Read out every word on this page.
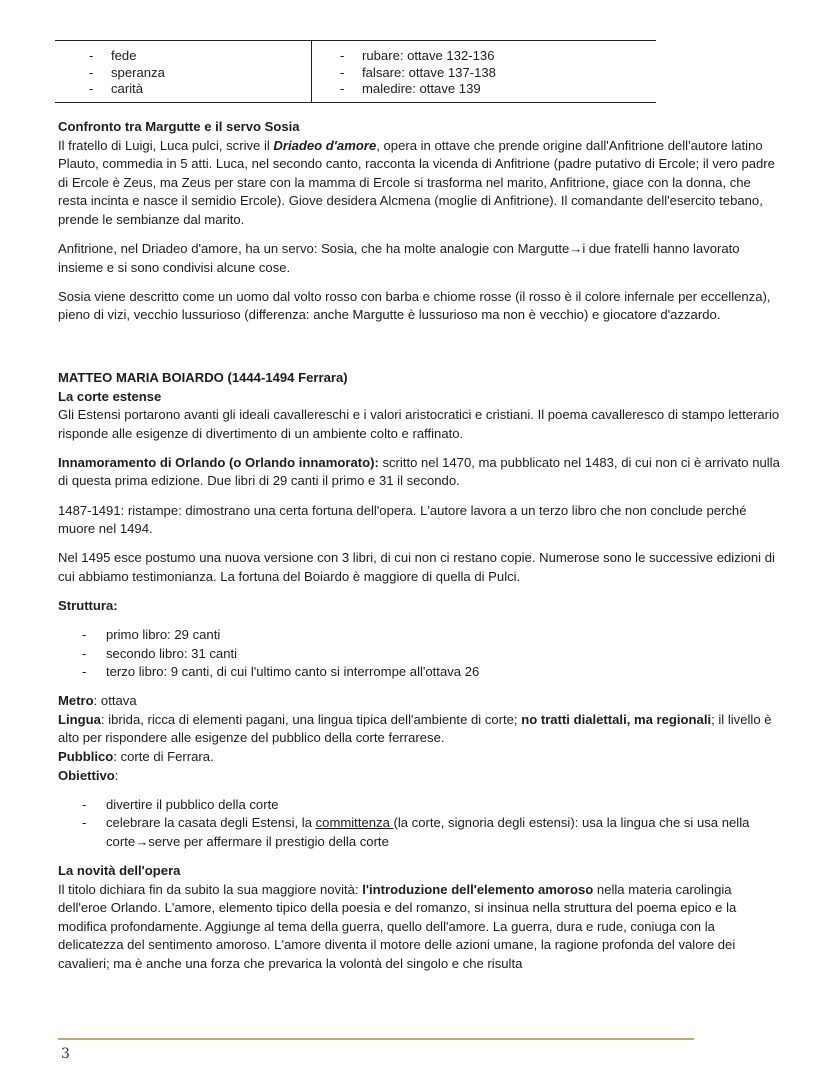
- fede
- speranza
- carità
- rubare: ottave 132-136
- falsare: ottave 137-138
- maledire: ottave 139

Confronto tra Margutte e il servo Sosia

Il fratello di Luigi, Luca pulci, scrive il Driadeo d'amore, opera in ottave che prende origine dall'Anfitrione dell'autore latino Plauto, commedia in 5 atti. Luca, nel secondo canto, racconta la vicenda di Anfitrione (padre putativo di Ercole; il vero padre di Ercole è Zeus, ma Zeus per stare con la mamma di Ercole si trasforma nel marito, Anfitrione, giace con la donna, che resta incinta e nasce il semidio Ercole). Giove desidera Alcmena (moglie di Anfitrione). Il comandante dell'esercito tebano, prende le sembianze dal marito.

Anfitrione, nel Driadeo d'amore, ha un servo: Sosia, che ha molte analogie con Margutte→i due fratelli hanno lavorato insieme e si sono condivisi alcune cose.

Sosia viene descritto come un uomo dal volto rosso con barba e chiome rosse (il rosso è il colore infernale per eccellenza), pieno di vizi, vecchio lussurioso (differenza: anche Margutte è lussurioso ma non è vecchio) e giocatore d'azzardo.

MATTEO MARIA BOIARDO (1444-1494 Ferrara)

La corte estense

Gli Estensi portarono avanti gli ideali cavallereschi e i valori aristocratici e cristiani. Il poema cavalleresco di stampo letterario risponde alle esigenze di divertimento di un ambiente colto e raffinato.

Innamoramento di Orlando (o Orlando innamorato): scritto nel 1470, ma pubblicato nel 1483, di cui non ci è arrivato nulla di questa prima edizione. Due libri di 29 canti il primo e 31 il secondo.

1487-1491: ristampe: dimostrano una certa fortuna dell'opera. L'autore lavora a un terzo libro che non conclude perché muore nel 1494.

Nel 1495 esce postumo una nuova versione con 3 libri, di cui non ci restano copie. Numerose sono le successive edizioni di cui abbiamo testimonianza. La fortuna del Boiardo è maggiore di quella di Pulci.

Struttura:

- primo libro: 29 canti
- secondo libro: 31 canti
- terzo libro: 9 canti, di cui l'ultimo canto si interrompe all'ottava 26

Metro: ottava

Lingua: ibrida, ricca di elementi pagani, una lingua tipica dell'ambiente di corte; no tratti dialettali, ma regionali; il livello è alto per rispondere alle esigenze del pubblico della corte ferrarese.

Pubblico: corte di Ferrara.

Obiettivo:

- divertire il pubblico della corte
- celebrare la casata degli Estensi, la committenza (la corte, signoria degli estensi): usa la lingua che si usa nella corte→serve per affermare il prestigio della corte

La novità dell'opera

Il titolo dichiara fin da subito la sua maggiore novità: l'introduzione dell'elemento amoroso nella materia carolingia dell'eroe Orlando. L'amore, elemento tipico della poesia e del romanzo, si insinua nella struttura del poema epico e la modifica profondamente. Aggiunge al tema della guerra, quello dell'amore. La guerra, dura e rude, coniuga con la delicatezza del sentimento amoroso. L'amore diventa il motore delle azioni umane, la ragione profonda del valore dei cavalieri; ma è anche una forza che prevarica la volontà del singolo e che risulta

3
